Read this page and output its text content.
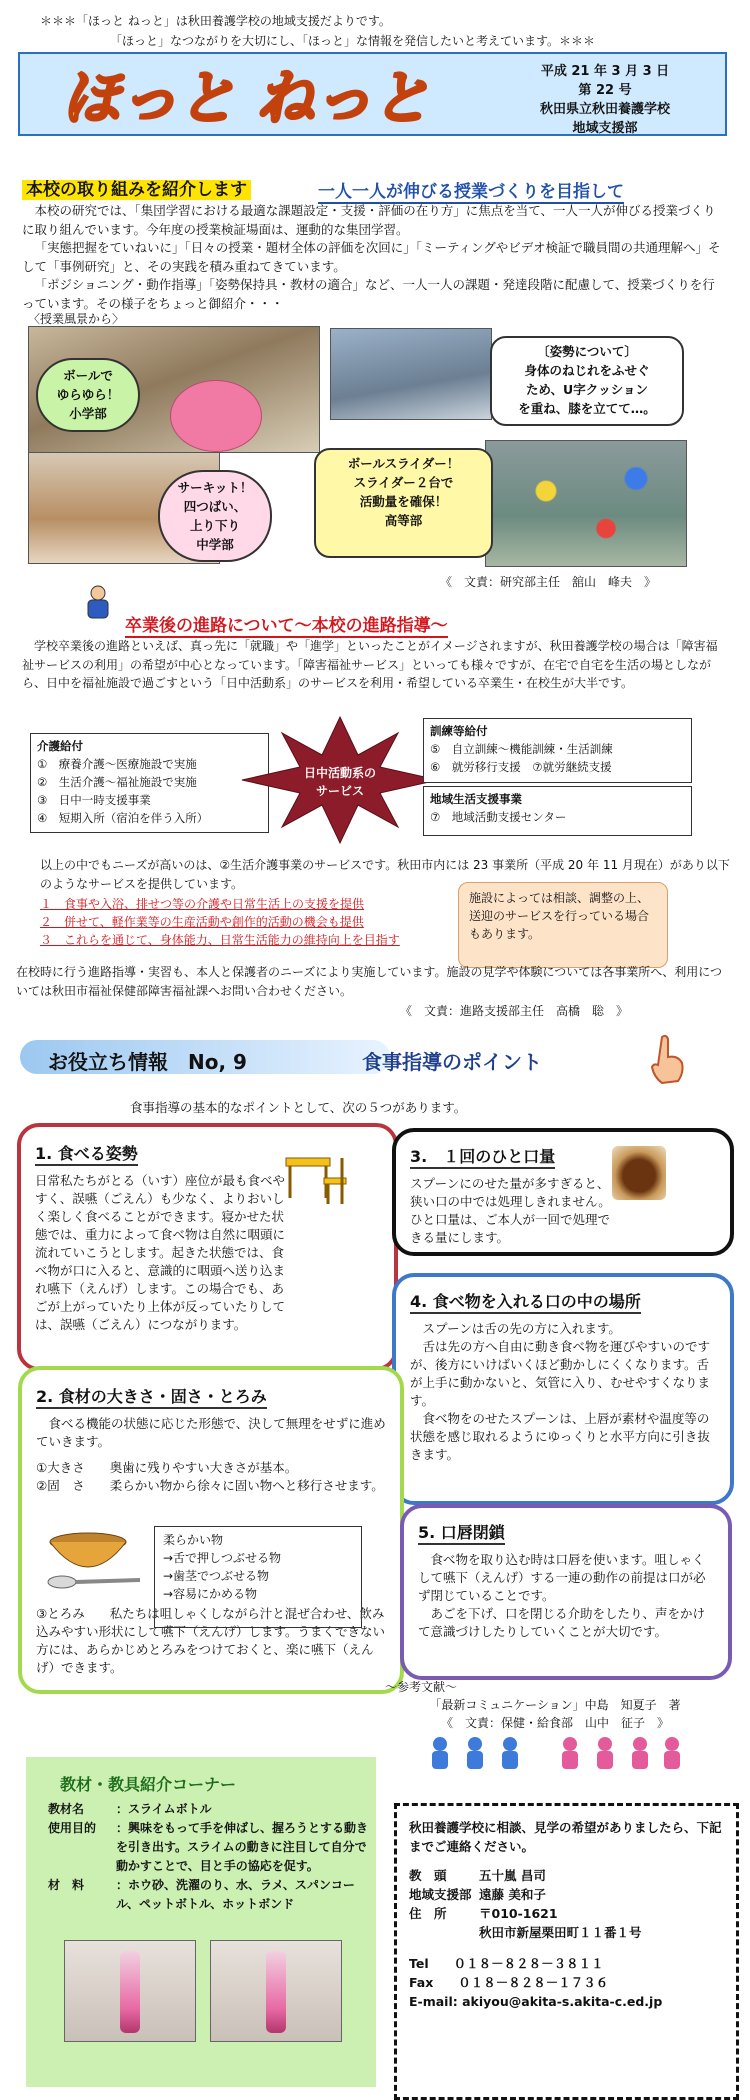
＊＊＊「ほっと ねっと」は秋田養護学校の地域支援だよりです。
「ほっと」なつながりを大切にし、「ほっと」な情報を発信したいと考えています。＊＊＊
ほっと ねっと	平成 21 年 3 月 3 日
第 22 号
秋田県立秋田養護学校
地域支援部
本校の取り組みを紹介します	一人一人が伸びる授業づくりを目指して

本校の研究では、「集団学習における最適な課題設定・支援・評価の在り方」に焦点を当て、一人一人が伸びる授業づくりに取り組んでいます。今年度の授業検証場面は、運動的な集団学習。

「実態把握をていねいに」「日々の授業・題材全体の評価を次回に」「ミーティングやビデオ検証で職員間の共通理解へ」そして「事例研究」と、その実践を積み重ねてきています。

「ポジショニング・動作指導」「姿勢保持具・教材の適合」など、一人一人の課題・発達段階に配慮して、授業づくりを行っています。その様子をちょっと御紹介・・・

〈授業風景から〉
ボールで
ゆらゆら！
小学部
〔姿勢について〕
身体のねじれをふせぐ
ため、U字クッション
を重ね、膝を立てて…。
サーキット！
四つばい、
上り下り
中学部
ボールスライダー！
スライダー２台で
活動量を確保！
高等部
《　文責：研究部主任　舘山　峰夫　》
卒業後の進路について～本校の進路指導～
学校卒業後の進路といえば、真っ先に「就職」や「進学」といったことがイメージされますが、秋田養護学校の場合は「障害福祉サービスの利用」の希望が中心となっています。「障害福祉サービス」といっても様々ですが、在宅で自宅を生活の場としながら、日中を福祉施設で過ごすという「日中活動系」のサービスを利用・希望している卒業生・在校生が大半です。
介護給付
①　療養介護～医療施設で実施
②　生活介護～福祉施設で実施
③　日中一時支援事業
④　短期入所（宿泊を伴う入所）
日中活動系の
サービス
訓練等給付
⑤　自立訓練～機能訓練・生活訓練
⑥　就労移行支援　⑦就労継続支援
地域生活支援事業
⑦　地域活動支援センター
以上の中でもニーズが高いのは、②生活介護事業のサービスです。秋田市内には 23 事業所（平成 20 年 11 月現在）があり以下のようなサービスを提供しています。
１　食事や入浴、排せつ等の介護や日常生活上の支援を提供
２　併せて、軽作業等の生産活動や創作的活動の機会も提供
３　これらを通じて、身体能力、日常生活能力の維持向上を目指す
施設によっては相談、調整の上、送迎のサービスを行っている場合もあります。
在校時に行う進路指導・実習も、本人と保護者のニーズにより実施しています。施設の見学や体験については各事業所へ、利用については秋田市福祉保健部障害福祉課へお問い合わせください。
《　文責：進路支援部主任　高橋　聡　》
お役立ち情報　No, 9	食事指導のポイント
食事指導の基本的なポイントとして、次の５つがあります。
1. 食べる姿勢
日常私たちがとる（いす）座位が最も食べやすく、誤嚥（ごえん）も少なく、よりおいしく楽しく食べることができます。寝かせた状態では、重力によって食べ物は自然に咽頭に流れていこうとします。起きた状態では、食べ物が口に入ると、意識的に咽頭へ送り込まれ嚥下（えんげ）します。この場合でも、あごが上がっていたり上体が反っていたりしては、誤嚥（ごえん）につながります。
3.　１回のひと口量
スプーンにのせた量が多すぎると、狭い口の中では処理しきれません。ひと口量は、ご本人が一回で処理できる量にします。
4. 食べ物を入れる口の中の場所

スプーンは舌の先の方に入れます。

舌は先の方へ自由に動き食べ物を運びやすいのですが、後方にいけばいくほど動かしにくくなります。舌が上手に動かないと、気管に入り、むせやすくなります。

食べ物をのせたスプーンは、上唇が素材や温度等の状態を感じ取れるようにゆっくりと水平方向に引き抜きます。

2. 食材の大きさ・固さ・とろみ

食べる機能の状態に応じた形態で、決して無理をせずに進めていきます。

①大きさ　　奥歯に残りやすい大きさが基本。

②固　さ　　柔らかい物から徐々に固い物へと移行させます。

③とろみ　　私たちは咀しゃくしながら汁と混ぜ合わせ、飲み込みやすい形状にして嚥下（えんげ）します。うまくできない方には、あらかじめとろみをつけておくと、楽に嚥下（えんげ）できます。

柔らかい物
→舌で押しつぶせる物
→歯茎でつぶせる物
→容易にかめる物
5. 口唇閉鎖

食べ物を取り込む時は口唇を使います。咀しゃくして嚥下（えんげ）する一連の動作の前提は口が必ず閉じていることです。

あごを下げ、口を閉じる介助をしたり、声をかけて意識づけしたりしていくことが大切です。

～参考文献～
「最新コミュニケーション」中島　知夏子　著
《　文責：保健・給食部　山中　征子　》
教材・教具紹介コーナー
教材名	：スライムボトル
使用目的	：興味をもって手を伸ばし、握ろうとする動きを引き出す。スライムの動きに注目して自分で動かすことで、目と手の協応を促す。
材　料	：ホウ砂、洗濯のり、水、ラメ、スパンコール、ペットボトル、ホットボンド
秋田養護学校に相談、見学の希望がありましたら、下記までご連絡ください。
教　頭	五十嵐 昌司
地域支援部 遠藤 美和子
住　所	〒010-1621
秋田市新屋栗田町１１番１号
Tel　　０１８－８２８－３８１１
Fax　　０１８－８２８－１７３６
E-mail: akiyou@akita-s.akita-c.ed.jp
